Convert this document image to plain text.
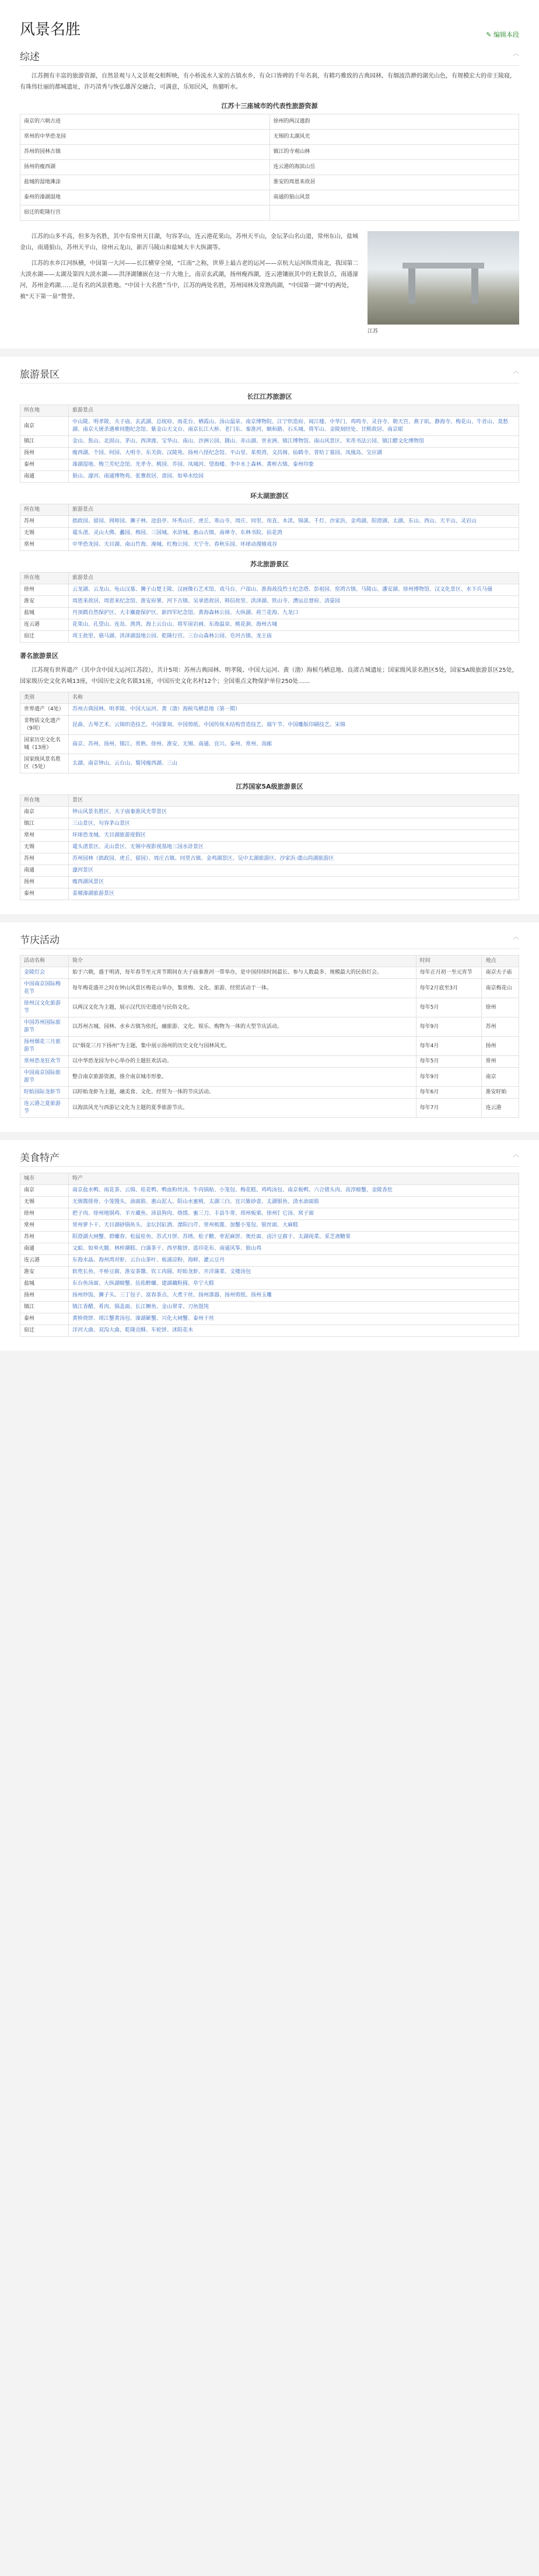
风景名胜	✎ 编辑本段
综述	︿

江苏拥有丰富的旅游资源，自然景观与人文景观交相辉映，有小桥流水人家的古镇水乡，有众口皆碑的千年名刹，有精巧雅致的古典园林，有烟波浩渺的湖光山色，有规模宏大的帝王陵寝，有珠伟壮丽的都城遗址，许巧清秀与恢弘雄浑交融合，可满意，乐知民风，鱼骝听水。

江苏十三座城市的代表性旅游资源
南京的六朝古迹	徐州的两汉遗韵
常州的中华恐龙园	无锡的太湖风光
苏州的园林古镇	镇江的寺观山林
扬州的瘦西湖	连云港的海滨山岳
盐城的湿地滩涂	淮安的周恩来故居
泰州的溱湖湿地	南通的狼山风景
宿迁的乾隆行宫	

江苏的山多不高，但多为名胜，其中有常州天目湖，句容茅山，连云港花果山，苏州天平山，金坛茅山名山道，常州东山，盐城金山，南通狼山，苏州天平山，徐州云龙山，新沂马陵山和盐城大丰大纵湖等。

江苏的水乡江河纵横，中国第一大河——长江横穿全境，“江南”之称，世界上最古老的运河——京杭大运河纵贯南北，我国第二大淡水湖——太湖及第四大淡水湖——洪泽湖镶嵌在这一片大地上，南京玄武湖，扬州瘦西湖，连云港镶嵌其中的无数景点，南通濠河，苏州金鸡湖……是有名的风景胜地。“中国十大名胜”当中，江苏的两处名胜，苏州园林及常熟尚湖，“中国第一湖”中的两处，被“天下第一泉”赞誉。

江苏
旅游景区	︿
长江江苏旅游区
所在地	旅游景点
南京	中山陵、明孝陵、夫子庙、玄武湖、总统府、雨花台、栖霞山、汤山温泉、南京博物院、江宁织造府、阅江楼、中华门、鸡鸣寺、灵谷寺、朝天宫、燕子矶、静海寺、梅花山、牛首山、莫愁湖、南京大屠杀遇难同胞纪念馆、紫金山天文台、南京长江大桥、老门东、秦淮河、颐和路、石头城、将军山、金陵刻经处、甘熙故居、南京眼
镇江	金山、焦山、北固山、茅山、西津渡、宝华山、南山、沙洲公园、圌山、赤山湖、世业洲、镇江博物馆、南山风景区、米芾书法公园、镇江醋文化博物馆
扬州	瘦西湖、个园、何园、大明寺、东关街、汉陵苑、扬州八怪纪念馆、平山堂、茱萸湾、文昌阁、仙鹤寺、普哈丁墓园、凤凰岛、宝应湖
泰州	溱湖湿地、梅兰芳纪念馆、光孝寺、桃园、乔园、凤城河、望海楼、李中水上森林、黄桥古镇、泰州印象
南通	狼山、濠河、南通博物苑、张謇故居、啬园、如皋水绘园
环太湖旅游区
所在地	旅游景点
苏州	拙政园、留园、网师园、狮子林、沧浪亭、环秀山庄、虎丘、寒山寺、周庄、同里、甪直、木渎、锦溪、千灯、沙家浜、金鸡湖、阳澄湖、太湖、东山、西山、天平山、灵岩山
无锡	鼋头渚、灵山大佛、蠡园、梅园、三国城、水浒城、惠山古镇、南禅寺、东林书院、拈花湾
常州	中华恐龙园、天目湖、南山竹海、淹城、红梅公园、天宁寺、春秋乐园、环球动漫嬉戏谷
苏北旅游景区
所在地	旅游景点
徐州	云龙湖、云龙山、龟山汉墓、狮子山楚王陵、汉画像石艺术馆、戏马台、户部山、淮海战役烈士纪念塔、彭祖园、窑湾古镇、马陵山、潘安湖、徐州博物馆、汉文化景区、水下兵马俑
淮安	周恩来故居、周恩来纪念馆、淮安府署、河下古镇、吴承恩故居、韩信故里、洪泽湖、铁山寺、漕运总督府、清晏园
盐城	丹顶鹤自然保护区、大丰麋鹿保护区、新四军纪念馆、黄海森林公园、大纵湖、荷兰花海、九龙口
连云港	花果山、孔望山、连岛、渔湾、海上云台山、将军崖岩画、东海温泉、桃花涧、海州古城
宿迁	项王故里、骆马湖、洪泽湖湿地公园、乾隆行宫、三台山森林公园、皂河古镇、龙王庙
著名旅游景区

江苏现有世界遗产（其中含中国大运河江苏段），共计5项：苏州古典园林、明孝陵、中国大运河、黄（渤）海候鸟栖息地、良渚古城遗址；国家级风景名胜区5处，国家5A级旅游景区25处，国家级历史文化名城13座，中国历史文化名镇31座，中国历史文化名村12个；全国重点文物保护单位250处……

类别	名称
世界遗产（4处）	苏州古典园林、明孝陵、中国大运河、黄（渤）海候鸟栖息地（第一期）
非物质文化遗产（9项）	昆曲、古琴艺术、云锦织造技艺、中国篆刻、中国剪纸、中国传统木结构营造技艺、端午节、中国雕版印刷技艺、宋锦
国家历史文化名城（13座）	南京、苏州、扬州、镇江、常熟、徐州、淮安、无锡、南通、宜兴、泰州、常州、高邮
国家级风景名胜区（5处）	太湖、南京钟山、云台山、蜀冈瘦西湖、三山
江苏国家5A级旅游景区
所在地	景区
南京	钟山风景名胜区、夫子庙秦淮风光带景区
镇江	三山景区、句容茅山景区
常州	环球恐龙城、天目湖旅游度假区
无锡	鼋头渚景区、灵山景区、无锡中视影视基地三国水浒景区
苏州	苏州园林（拙政园、虎丘、留园）、周庄古镇、同里古镇、金鸡湖景区、吴中太湖旅游区、沙家浜·虞山尚湖旅游区
南通	濠河景区
扬州	瘦西湖风景区
泰州	姜堰溱湖旅游景区
节庆活动	︿
活动名称	简介	时间	地点
金陵灯会	始于六朝，盛于明清，每年春节至元宵节期间在夫子庙秦淮河一带举办，是中国持续时间最长、参与人数最多、规模最大的民俗灯会。	每年正月初一至元宵节	南京夫子庙
中国南京国际梅花节	每年梅花盛开之时在钟山风景区梅花山举办，集赏梅、文化、旅游、经贸活动于一体。	每年2月底至3月	南京梅花山
徐州汉文化旅游节	以两汉文化为主题，展示汉代历史遗迹与民俗文化。	每年5月	徐州
中国苏州国际旅游节	以苏州古城、园林、水乡古镇为依托，融旅游、文化、娱乐、购物为一体的大型节庆活动。	每年9月	苏州
扬州烟花三月旅游节	以“烟花三月下扬州”为主题，集中展示扬州的历史文化与园林风光。	每年4月	扬州
常州恐龙狂欢节	以中华恐龙园为中心举办的主题狂欢活动。	每年5月	常州
中国南京国际旅游节	整合南京旅游资源，推介南京城市形象。	每年9月	南京
盱眙国际龙虾节	以盱眙龙虾为主题，融美食、文化、经贸为一体的节庆活动。	每年6月	淮安盱眙
连云港之夏旅游节	以海滨风光与西游记文化为主题的夏季旅游节庆。	每年7月	连云港
美食特产	︿
城市	特产
南京	南京盐水鸭、雨花茶、云锦、桂花鸭、鸭血粉丝汤、牛肉锅贴、小笼包、梅花糕、鸡鸣汤包、南京板鸭、六合猪头肉、高淳螃蟹、金陵香肚
无锡	无锡酱排骨、小笼馒头、油面筋、惠山泥人、阳山水蜜桃、太湖三白、宜兴紫砂壶、太湖银鱼、清水油面筋
徐州	把子肉、徐州地锅鸡、羊方藏鱼、沛县狗肉、烙馍、蜜三刀、丰县牛蒡、邳州板栗、徐州饣它汤、窝子面
常州	常州萝卜干、天目湖砂锅鱼头、金坛封缸酒、溧阳白芹、常州梳篦、加蟹小笼包、银丝面、大麻糕
苏州	阳澄湖大闸蟹、碧螺春、松鼠桂鱼、苏式月饼、苏绣、松子糖、枣泥麻饼、奥灶面、卤汁豆腐干、太湖莼菜、采芝斋糖果
南通	文蛤、如皋火腿、林梓潮糕、白蒲茶干、西亭脆饼、蓝印花布、南通风筝、狼山鸡
连云港	东海水晶、海州湾对虾、云台山茶叶、板浦凉粉、海鲜、灌云豆丹
淮安	软兜长鱼、平桥豆腐、淮安茶馓、钦工肉圆、盱眙龙虾、开洋蒲菜、文楼汤包
盐城	东台鱼汤面、大纵湖螃蟹、伍佑醉螺、建湖藕粉圆、阜宁大糕
扬州	扬州炒饭、狮子头、三丁包子、富春茶点、大煮干丝、扬州漆器、扬州剪纸、扬州玉雕
镇江	镇江香醋、肴肉、锅盖面、长江鲥鱼、金山翠芽、刀鱼馄饨
泰州	黄桥烧饼、靖江蟹黄汤包、溱湖簖蟹、兴化大闸蟹、泰州干丝
宿迁	洋河大曲、双沟大曲、乾隆贡酥、车轮饼、沭阳花木
